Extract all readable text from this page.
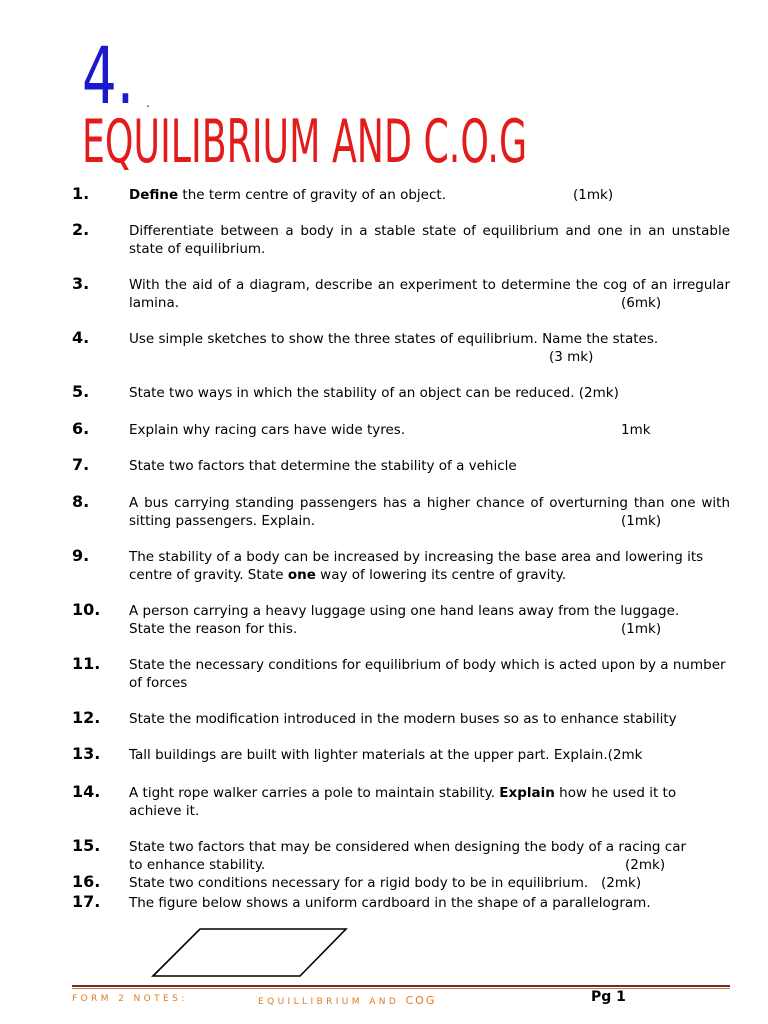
4. .
EQUILIBRIUM AND C.O.G
1.	Define the term centre of gravity of an object.	(1mk)
2.	Differentiate between a body in a stable state of equilibrium and one in an unstable state of equilibrium.
3.	With the aid of a diagram, describe an experiment to determine the cog of an irregular lamina.	(6mk)
4.	Use simple sketches to show the three states of equilibrium. Name the states.
(3 mk)
5.	State two ways in which the stability of an object can be reduced. (2mk)
6.	Explain why racing cars have wide tyres.	1mk
7.	State two factors that determine the stability of a vehicle
8.	A bus carrying standing passengers has a higher chance of overturning than one with sitting passengers. Explain.	(1mk)
9.	The stability of a body can be increased by increasing the base area and lowering its centre of gravity. State one way of lowering its centre of gravity.
10. A person carrying a heavy luggage using one hand leans away from the luggage. State the reason for this.	(1mk)
11. State the necessary conditions for equilibrium of body which is acted upon by a number of forces
12. State the modification introduced in the modern buses so as to enhance stability
13. Tall buildings are built with lighter materials at the upper part. Explain.(2mk
14. A tight rope walker carries a pole to maintain stability. Explain how he used it to achieve it.
15. State two factors that may be considered when designing the body of a racing car to enhance stability.	(2mk)
16. State two conditions necessary for a rigid body to be in equilibrium.   (2mk)
17. The figure below shows a uniform cardboard in the shape of a parallelogram.
FORM 2 NOTES:	EQUILLIBRIUM AND COG	Pg 1
